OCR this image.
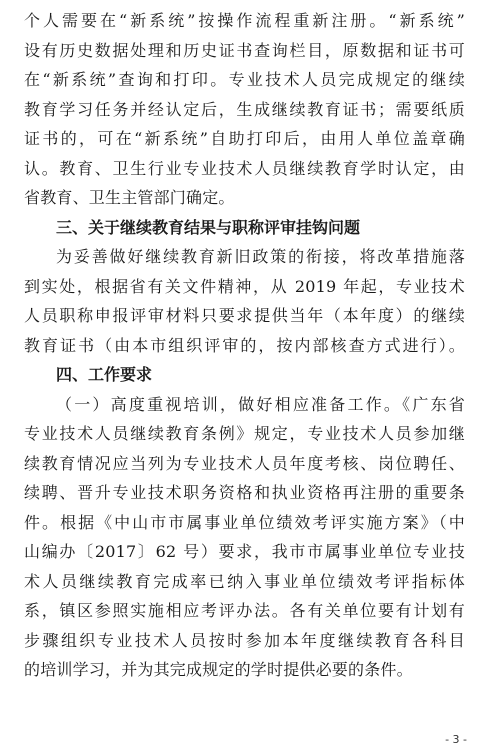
个人需要在“新系统”按操作流程重新注册。“新系统”
设有历史数据处理和历史证书查询栏目，原数据和证书可
在“新系统”查询和打印。专业技术人员完成规定的继续
教育学习任务并经认定后，生成继续教育证书；需要纸质
证书的，可在“新系统”自助打印后，由用人单位盖章确
认。教育、卫生行业专业技术人员继续教育学时认定，由
省教育、卫生主管部门确定。
三、关于继续教育结果与职称评审挂钩问题
为妥善做好继续教育新旧政策的衔接，将改革措施落
到实处，根据省有关文件精神，从 2019 年起，专业技术
人员职称申报评审材料只要求提供当年（本年度）的继续
教育证书（由本市组织评审的，按内部核查方式进行）。
四、工作要求
（一）高度重视培训，做好相应准备工作。《广东省
专业技术人员继续教育条例》规定，专业技术人员参加继
续教育情况应当列为专业技术人员年度考核、岗位聘任、
续聘、晋升专业技术职务资格和执业资格再注册的重要条
件。根据《中山市市属事业单位绩效考评实施方案》（中
山编办〔2017〕62 号）要求，我市市属事业单位专业技
术人员继续教育完成率已纳入事业单位绩效考评指标体
系，镇区参照实施相应考评办法。各有关单位要有计划有
步骤组织专业技术人员按时参加本年度继续教育各科目
的培训学习，并为其完成规定的学时提供必要的条件。
- 3 -
